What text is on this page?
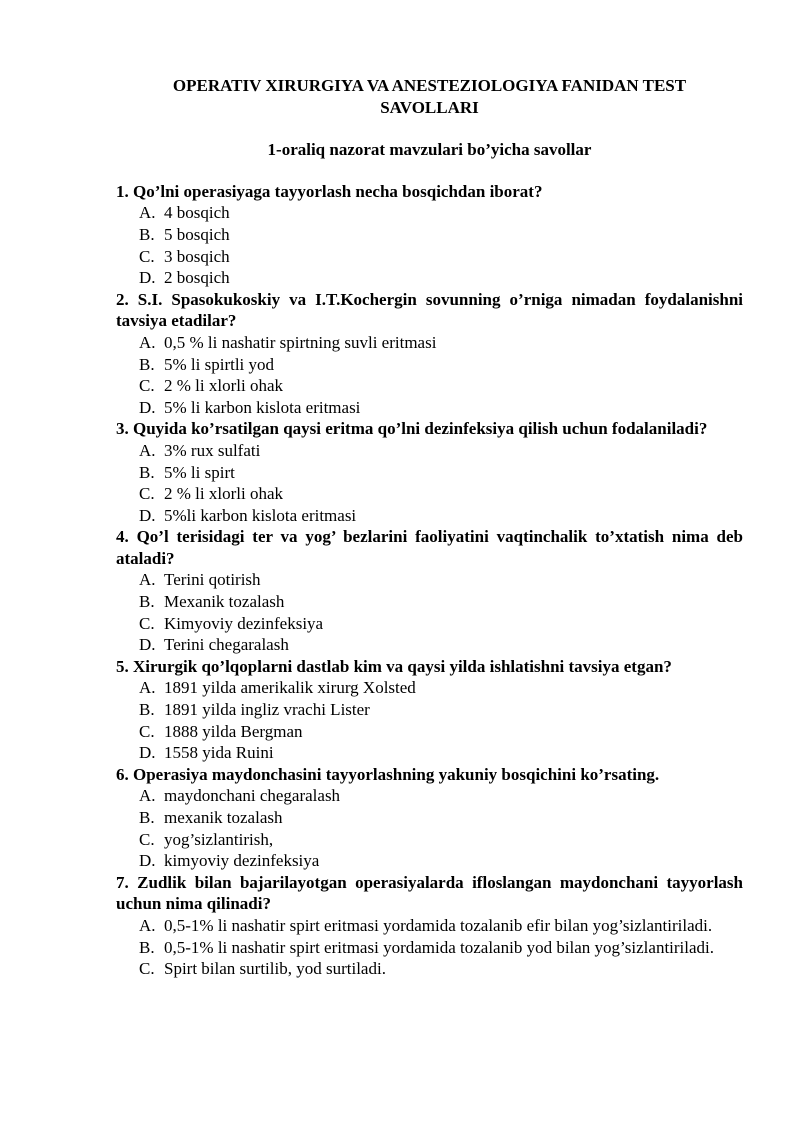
OPERATIV XIRURGIYA VA ANESTEZIOLOGIYA FANIDAN TEST
SAVOLLARI

1-oraliq nazorat mavzulari bo’yicha savollar

1. Qo’lni operasiyaga tayyorlash necha bosqichdan iborat?

A. 4 bosqich
B. 5 bosqich
C. 3 bosqich
D. 2 bosqich

2. S.I. Spasokukoskiy va I.T.Kochergin sovunning o’rniga nimadan foydalanishni tavsiya etadilar?

A. 0,5 % li nashatir spirtning suvli eritmasi
B. 5% li spirtli yod
C. 2 % li xlorli ohak
D. 5% li karbon kislota eritmasi

3. Quyida ko’rsatilgan qaysi eritma qo’lni dezinfeksiya qilish uchun fodalaniladi?

A. 3% rux sulfati
B. 5% li spirt
C. 2 % li xlorli ohak
D. 5%li karbon kislota eritmasi

4. Qo’l terisidagi ter va yog’ bezlarini faoliyatini vaqtinchalik to’xtatish nima deb ataladi?

A. Terini qotirish
B. Mexanik tozalash
C. Kimyoviy dezinfeksiya
D. Terini chegaralash

5. Xirurgik qo’lqoplarni dastlab kim va qaysi yilda ishlatishni tavsiya etgan?

A. 1891 yilda amerikalik xirurg Xolsted
B. 1891 yilda ingliz vrachi Lister
C. 1888 yilda Bergman
D. 1558 yida Ruini

6. Operasiya maydonchasini tayyorlashning yakuniy bosqichini ko’rsating.

A. maydonchani chegaralash
B. mexanik tozalash
C. yog’sizlantirish,
D. kimyoviy dezinfeksiya

7. Zudlik bilan bajarilayotgan operasiyalarda ifloslangan maydonchani tayyorlash uchun nima qilinadi?

A. 0,5-1% li nashatir spirt eritmasi yordamida tozalanib efir bilan yog’sizlantiriladi.
B. 0,5-1% li nashatir spirt eritmasi yordamida tozalanib yod bilan yog’sizlantiriladi.
C. Spirt bilan surtilib, yod surtiladi.
